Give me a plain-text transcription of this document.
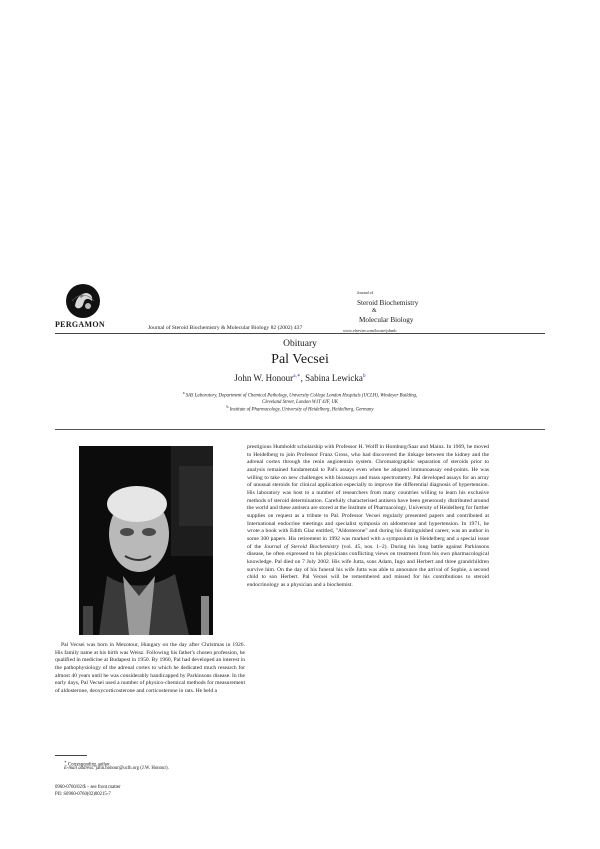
PERGAMON	Journal of Steroid Biochemistry & Molecular Biology 82 (2002) 437
Journal of
Steroid Biochemistry
&
Molecular Biology
www.elsevier.com/locate/jsbmb
Obituary
Pal Vecsei
John W. Honour$^{a,∗}$, Sabina Lewicka$^b$
$^a$ SAS Laboratory, Department of Chemical Pathology, University College London Hospitals (UCLH), Windeyer Building,
Cleveland Street, London W1T 4JF, UK
$^b$ Institute of Pharmacology, University of Heidelberg, Heidelberg, Germany

Pal Vecsei was born in Mezotour, Hungary on the day after Christmas in 1926. His family name at his birth was Weisz. Following his father's chosen profession, he qualified in medicine at Budapest in 1950. By 1960, Pal had developed an interest in the pathophysiology of the adrenal cortex to which he dedicated much research for almost 40 years until he was considerably handicapped by Parkinsons disease. In the early days, Pal Vecsei used a number of physico-chemical methods for measurement of aldosterone, deoxycorticosterone and corticosterone in rats. He held a

prestigious Humboldt scholarship with Professor H. Wolff in Homburg/Saar and Mainz. In 1969, he moved to Heidelberg to join Professor Franz Gross, who had discovered the linkage between the kidney and the adrenal cortex through the renin angiotensin system. Chromatographic separation of steroids prior to analysis remained fundamental to Pal's assays even when he adopted immunoassay end-points. He was willing to take on new challenges with bioassays and mass spectrometry. Pal developed assays for an array of unusual steroids for clinical application especially to improve the differential diagnosis of hypertension. His laboratory was host to a number of researchers from many countries willing to learn his exclusive methods of steroid determination. Carefully characterised antisera have been generously distributed around the world and these antisera are stored at the Institute of Pharmacology, University of Heidelberg for further supplies on request as a tribute to Pal. Professor Vecsei regularly presented papers and contributed at International endocrine meetings and specialist symposia on aldosterone and hypertension. In 1971, he wrote a book with Edith Glaz entitled, "Aldosterone" and during his distinguished career, was an author in some 300 papers. His retirement in 1992 was marked with a symposium in Heidelberg and a special issue of the Journal of Steroid Biochemistry (vol. 45, nos. 1–2). During his long battle against Parkinsons disease, he often expressed to his physicians conflicting views on treatment from his own pharmacological knowledge. Pal died on 7 July 2002. His wife Jutta, sons Adam, Ingo and Herbert and three grandchildren survive him. On the day of his funeral his wife Jutta was able to announce the arrival of Sophie, a second child to son Herbert. Pal Vecsei will be remembered and missed for his contributions to steroid endocrinology as a physician and a biochemist.

∗ Corresponding author.
E-mail address: jahn.honour@uclh.org (J.W. Honour).
0960-0760/02/$ – see front matter
PII: S0960-0760(02)00215-7
